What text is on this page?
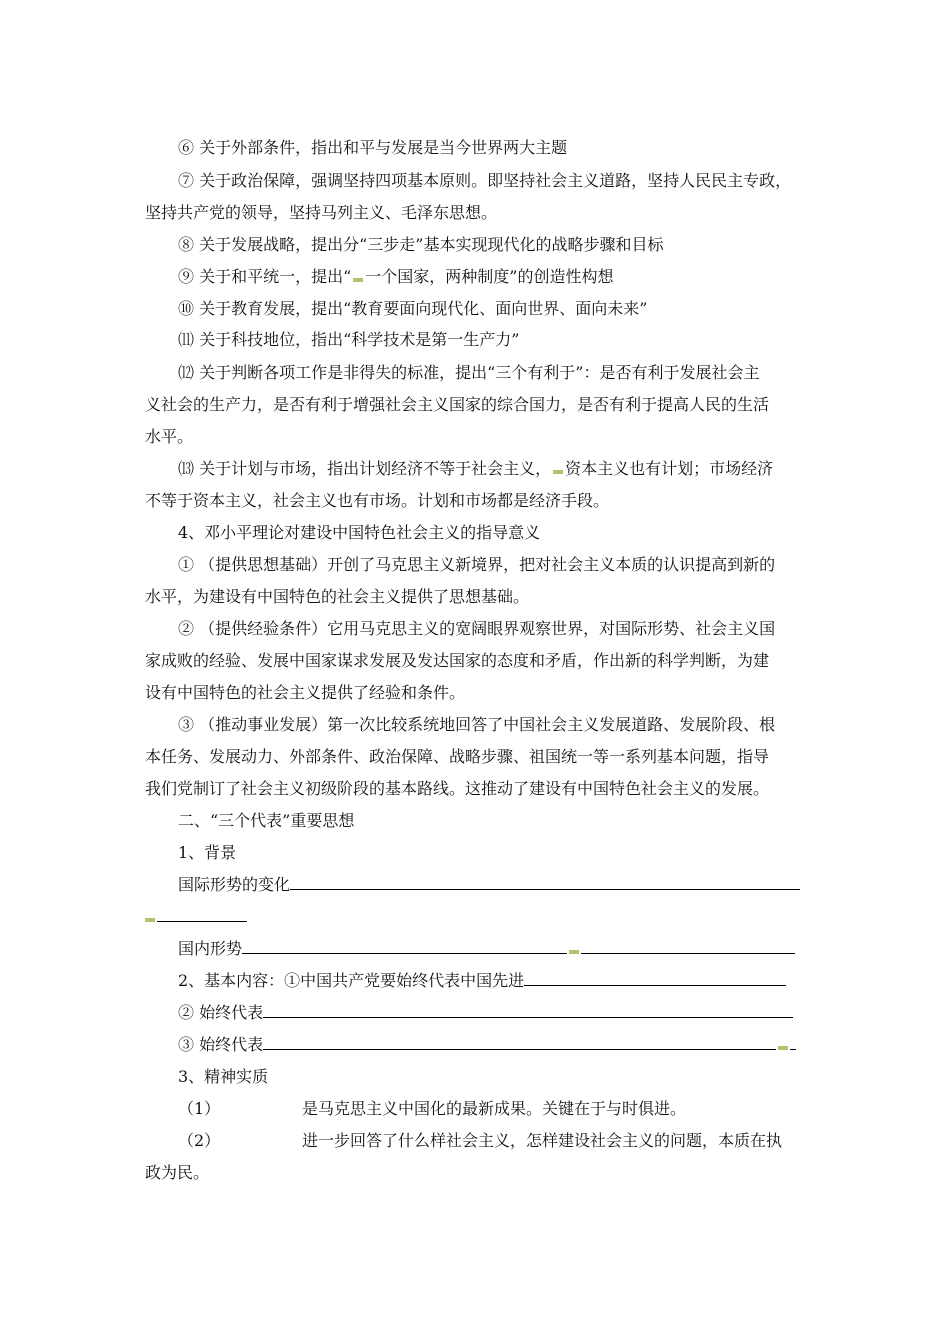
⑥ 关于外部条件，指出和平与发展是当今世界两大主题
⑦ 关于政治保障，强调坚持四项基本原则。即坚持社会主义道路，坚持人民民主专政，
坚持共产党的领导，坚持马列主义、毛泽东思想。
⑧ 关于发展战略，提出分“三步走”基本实现现代化的战略步骤和目标
⑨ 关于和平统一，提出“ 一个国家，两种制度”的创造性构想
⑩ 关于教育发展，提出“教育要面向现代化、面向世界、面向未来”
⑾ 关于科技地位，指出“科学技术是第一生产力”
⑿ 关于判断各项工作是非得失的标准，提出“三个有利于”：是否有利于发展社会主
义社会的生产力，是否有利于增强社会主义国家的综合国力，是否有利于提高人民的生活
水平。
⒀ 关于计划与市场，指出计划经济不等于社会主义， 资本主义也有计划；市场经济
不等于资本主义，社会主义也有市场。计划和市场都是经济手段。
4、邓小平理论对建设中国特色社会主义的指导意义
① （提供思想基础）开创了马克思主义新境界，把对社会主义本质的认识提高到新的
水平，为建设有中国特色的社会主义提供了思想基础。
② （提供经验条件）它用马克思主义的宽阔眼界观察世界，对国际形势、社会主义国
家成败的经验、发展中国家谋求发展及发达国家的态度和矛盾，作出新的科学判断，为建
设有中国特色的社会主义提供了经验和条件。
③ （推动事业发展）第一次比较系统地回答了中国社会主义发展道路、发展阶段、根
本任务、发展动力、外部条件、政治保障、战略步骤、祖国统一等一系列基本问题，指导
我们党制订了社会主义初级阶段的基本路线。这推动了建设有中国特色社会主义的发展。
二、“三个代表”重要思想
1、背景
国际形势的变化
国内形势
2、基本内容：①中国共产党要始终代表中国先进
② 始终代表
③ 始终代表
3、精神实质
（1）	是马克思主义中国化的最新成果。关键在于与时俱进。
（2）	进一步回答了什么样社会主义，怎样建设社会主义的问题，本质在执
政为民。
